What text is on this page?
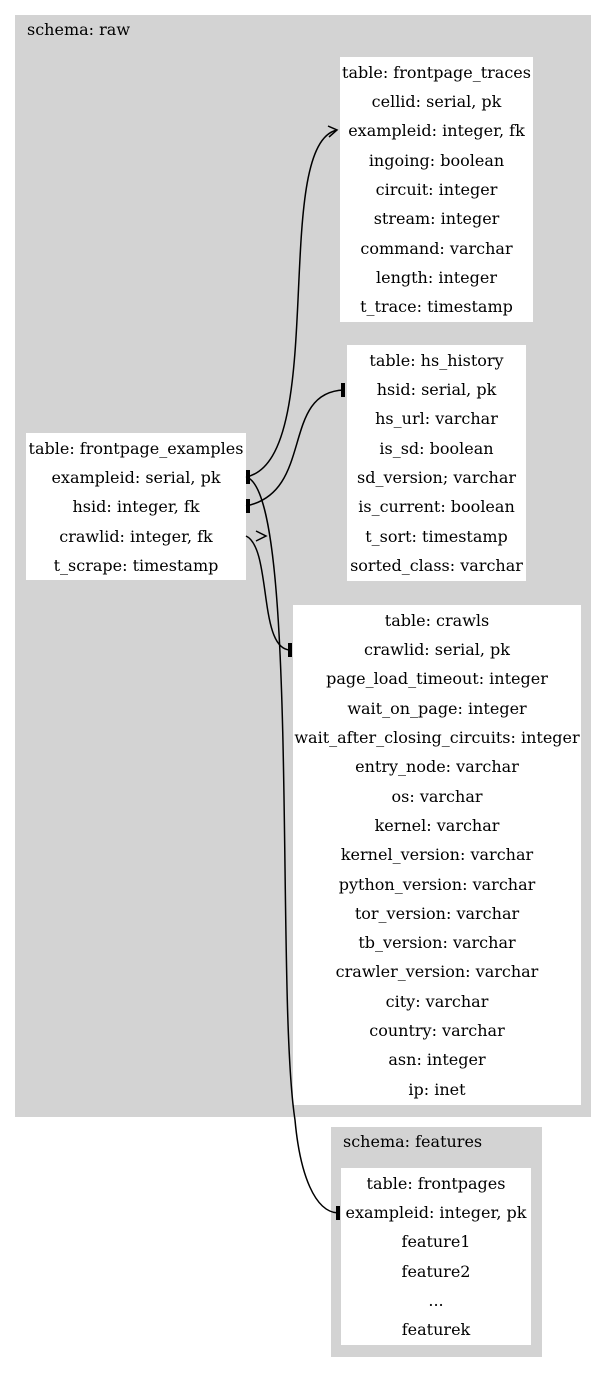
schema: raw
schema: features
table: frontpage_traces
cellid: serial, pk
exampleid: integer, fk
ingoing: boolean
circuit: integer
stream: integer
command: varchar
length: integer
t_trace: timestamp
table: hs_history
hsid: serial, pk
hs_url: varchar
is_sd: boolean
sd_version; varchar
is_current: boolean
t_sort: timestamp
sorted_class: varchar
table: frontpage_examples
exampleid: serial, pk
hsid: integer, fk
crawlid: integer, fk
t_scrape: timestamp
table: crawls
crawlid: serial, pk
page_load_timeout: integer
wait_on_page: integer
wait_after_closing_circuits: integer
entry_node: varchar
os: varchar
kernel: varchar
kernel_version: varchar
python_version: varchar
tor_version: varchar
tb_version: varchar
crawler_version: varchar
city: varchar
country: varchar
asn: integer
ip: inet
table: frontpages
exampleid: integer, pk
feature1
feature2
...
featurek
